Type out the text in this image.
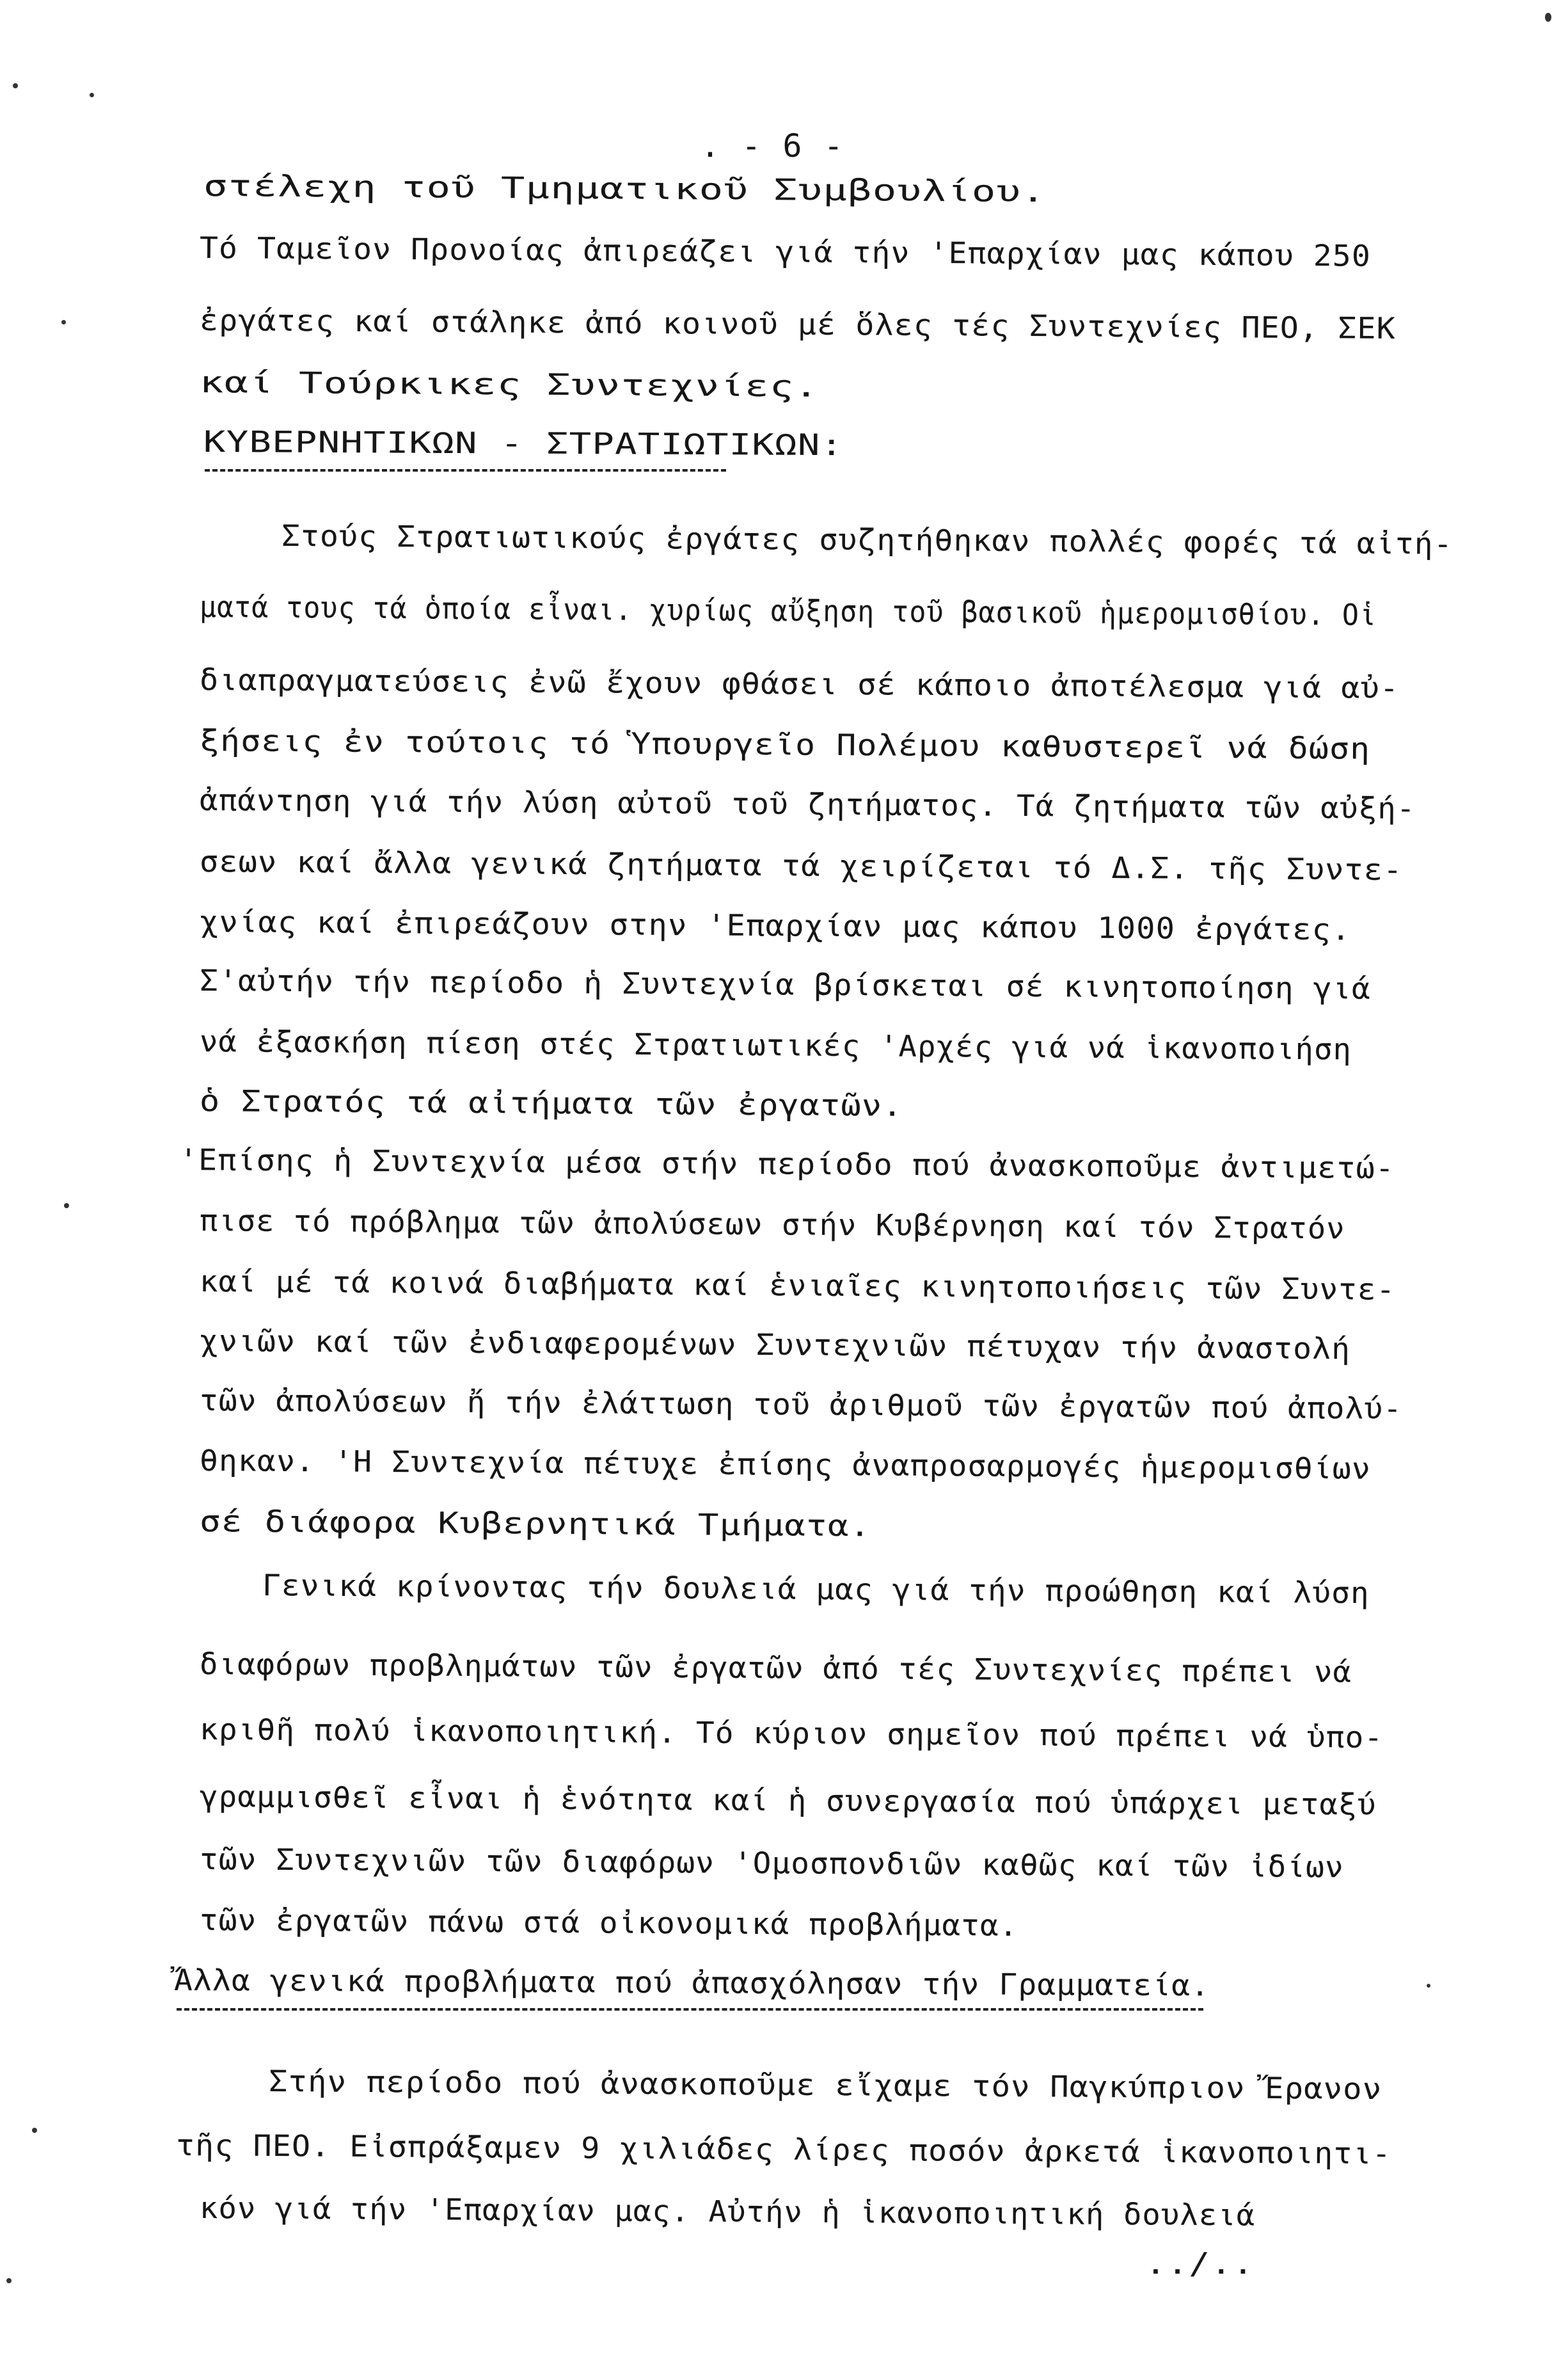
. - 6 -
στέλεχη τοῦ Τμηματικοῦ Συμβουλίου.
Τό Ταμεῖον Προνοίας ἀπιρεάζει γιά τήν 'Επαρχίαν μας κάπου 250
ἐργάτες καί στάληκε ἀπό κοινοῦ μέ ὅλες τές Συντεχνίες ΠΕΟ, ΣΕΚ
καί Τούρκικες Συντεχνίες.
ΚΥΒΕΡΝΗΤΙΚΩΝ - ΣΤΡΑΤΙΩΤΙΚΩΝ:
Στούς Στρατιωτικούς ἐργάτες συζητήθηκαν πολλές φορές τά αἰτή-
ματά τους τά ὁποία εἶναι. χυρίως αὔξηση τοῦ βασικοῦ ἡμερομισθίου. Οἱ
διαπραγματεύσεις ἐνῶ ἔχουν φθάσει σέ κάποιο ἀποτέλεσμα γιά αὐ-
ξήσεις ἐν τούτοις τό Ὑπουργεῖο Πολέμου καθυστερεῖ νά δώση
ἀπάντηση γιά τήν λύση αὐτοῦ τοῦ ζητήματος. Τά ζητήματα τῶν αὐξή-
σεων καί ἄλλα γενικά ζητήματα τά χειρίζεται τό Δ.Σ. τῆς Συντε-
χνίας καί ἐπιρεάζουν στην 'Επαρχίαν μας κάπου 1000 ἐργάτες.
Σ'αὐτήν τήν περίοδο ἡ Συντεχνία βρίσκεται σέ κινητοποίηση γιά
νά ἐξασκήση πίεση στές Στρατιωτικές 'Αρχές γιά νά ἱκανοποιήση
ὁ Στρατός τά αἰτήματα τῶν ἐργατῶν.
'Επίσης ἡ Συντεχνία μέσα στήν περίοδο πού ἀνασκοποῦμε ἀντιμετώ-
πισε τό πρόβλημα τῶν ἀπολύσεων στήν Κυβέρνηση καί τόν Στρατόν
καί μέ τά κοινά διαβήματα καί ἑνιαῖες κινητοποιήσεις τῶν Συντε-
χνιῶν καί τῶν ἐνδιαφερομένων Συντεχνιῶν πέτυχαν τήν ἀναστολή
τῶν ἀπολύσεων ἤ τήν ἐλάττωση τοῦ ἀριθμοῦ τῶν ἐργατῶν πού ἀπολύ-
θηκαν. 'Η Συντεχνία πέτυχε ἐπίσης ἀναπροσαρμογές ἡμερομισθίων
σέ διάφορα Κυβερνητικά Τμήματα.
Γενικά κρίνοντας τήν δουλειά μας γιά τήν προώθηση καί λύση
διαφόρων προβλημάτων τῶν ἐργατῶν ἀπό τές Συντεχνίες πρέπει νά
κριθῆ πολύ ἱκανοποιητική. Τό κύριον σημεῖον πού πρέπει νά ὑπο-
γραμμισθεῖ εἶναι ἡ ἑνότητα καί ἡ συνεργασία πού ὑπάρχει μεταξύ
τῶν Συντεχνιῶν τῶν διαφόρων 'Ομοσπονδιῶν καθῶς καί τῶν ἰδίων
τῶν ἐργατῶν πάνω στά οἰκονομικά προβλήματα.
Ἄλλα γενικά προβλήματα πού ἀπασχόλησαν τήν Γραμματεία.
Στήν περίοδο πού ἀνασκοποῦμε εἴχαμε τόν Παγκύπριον Ἔρανον
τῆς ΠΕΟ. Εἰσπράξαμεν 9 χιλιάδες λίρες ποσόν ἀρκετά ἱκανοποιητι-
κόν γιά τήν 'Επαρχίαν μας. Αὐτήν ἡ ἱκανοποιητική δουλειά
../..
